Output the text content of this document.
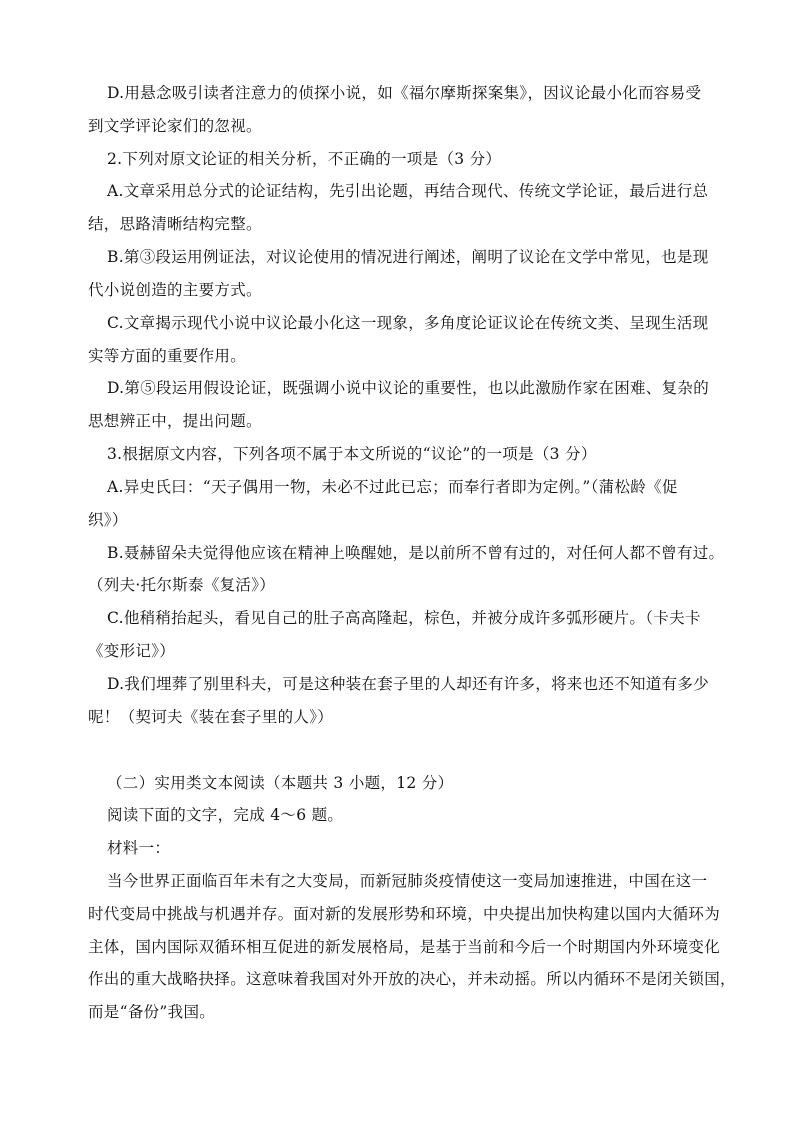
D.用悬念吸引读者注意力的侦探小说，如《福尔摩斯探案集》，因议论最小化而容易受
到文学评论家们的忽视。
2.下列对原文论证的相关分析，不正确的一项是（3 分）
A.文章采用总分式的论证结构，先引出论题，再结合现代、传统文学论证，最后进行总
结，思路清晰结构完整。
B.第③段运用例证法，对议论使用的情况进行阐述，阐明了议论在文学中常见，也是现
代小说创造的主要方式。
C.文章揭示现代小说中议论最小化这一现象，多角度论证议论在传统文类、呈现生活现
实等方面的重要作用。
D.第⑤段运用假设论证，既强调小说中议论的重要性，也以此激励作家在困难、复杂的
思想辨正中，提出问题。
3.根据原文内容，下列各项不属于本文所说的“议论”的一项是（3 分）
A.异史氏曰：“天子偶用一物，未必不过此已忘；而奉行者即为定例。”（蒲松龄《促
织》）
B.聂赫留朵夫觉得他应该在精神上唤醒她，是以前所不曾有过的，对任何人都不曾有过。
（列夫·托尔斯泰《复活》）
C.他稍稍抬起头，看见自己的肚子高高隆起，棕色，并被分成许多弧形硬片。（卡夫卡
《变形记》）
D.我们埋葬了别里科夫，可是这种装在套子里的人却还有许多，将来也还不知道有多少
呢！（契诃夫《装在套子里的人》）
（二）实用类文本阅读（本题共 3 小题，12 分）
阅读下面的文字，完成 4～6 题。
材料一：
当今世界正面临百年未有之大变局，而新冠肺炎疫情使这一变局加速推进，中国在这一
时代变局中挑战与机遇并存。面对新的发展形势和环境，中央提出加快构建以国内大循环为
主体，国内国际双循环相互促进的新发展格局，是基于当前和今后一个时期国内外环境变化
作出的重大战略抉择。这意味着我国对外开放的决心，并未动摇。所以内循环不是闭关锁国，
而是“备份”我国。
